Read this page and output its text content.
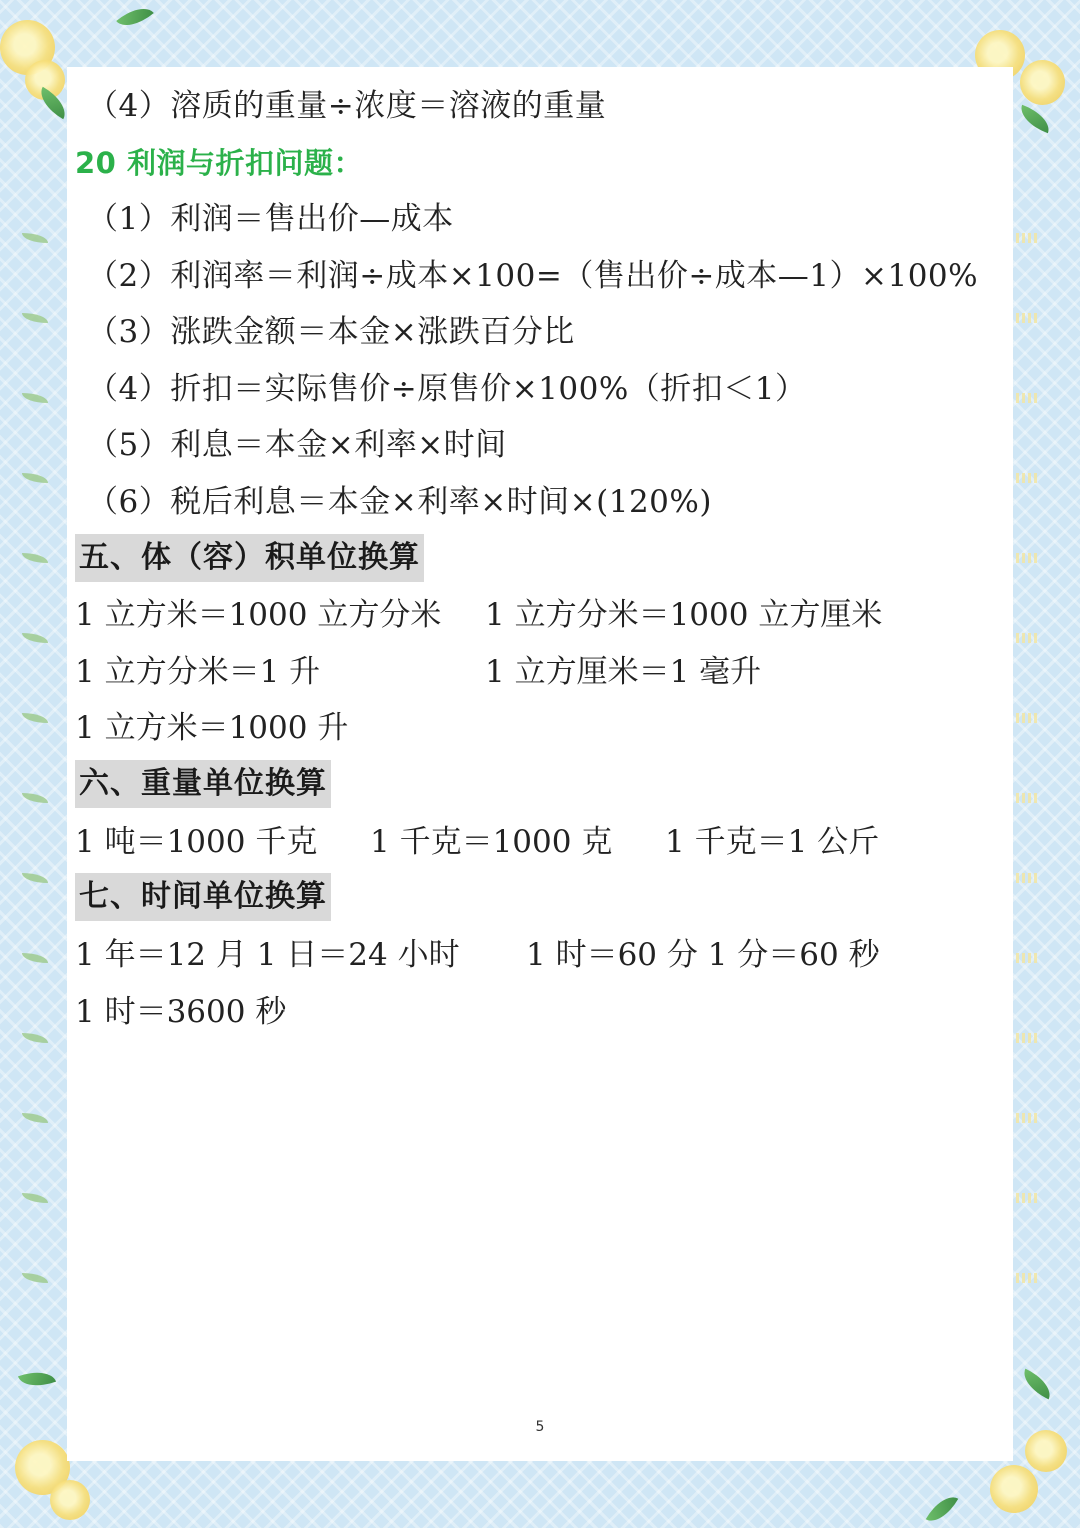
（4）溶质的重量÷浓度＝溶液的重量
20 利润与折扣问题：
（1）利润＝售出价—成本
（2）利润率＝利润÷成本×100=（售出价÷成本—1）×100%
（3）涨跌金额＝本金×涨跌百分比
（4）折扣＝实际售价÷原售价×100%（折扣＜1）
（5）利息＝本金×利率×时间
（6）税后利息＝本金×利率×时间×(120%)
五、体（容）积单位换算
1 立方米＝1000 立方分米 1 立方分米＝1000 立方厘米
1 立方分米＝1 升	1 立方厘米＝1 毫升
1 立方米＝1000 升
六、重量单位换算
1 吨＝1000 千克 1 千克＝1000 克 1 千克＝1 公斤
七、时间单位换算
1 年＝12 月 1 日＝24 小时 1 时＝60 分 1 分＝60 秒
1 时＝3600 秒
5
